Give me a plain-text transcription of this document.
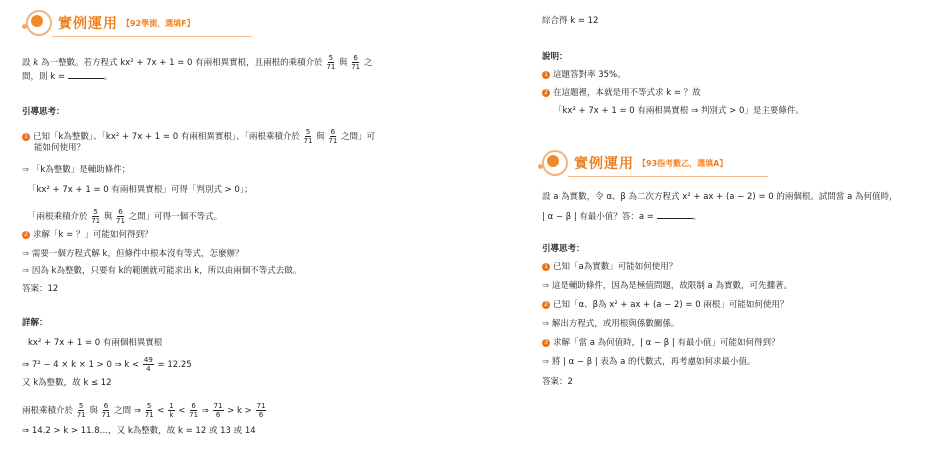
實例運用 【92學測，選填F】
設 k 為一整數。若方程式 kx² + 7x + 1 = 0 有兩相異實根，且兩根的乘積介於 $\frac{5}{71}$ 與 $\frac{6}{71}$ 之
間，則 k =	。
引導思考：
1 已知「k為整數」、「kx² + 7x + 1 = 0 有兩相異實根」、「兩根乘積介於 $\frac{5}{71}$ 與 $\frac{6}{71}$ 之間」可
能如何使用？
⇒ 「k為整數」是輔助條件；
「kx² + 7x + 1 = 0 有兩相異實根」可得「判別式 > 0」；
「兩根乘積介於 $\frac{5}{71}$ 與 $\frac{6}{71}$ 之間」可得一個不等式。
2 求解「k = ？」可能如何得到？
⇒ 需要一個方程式解 k，但條件中根本沒有等式，怎麼辦？
⇒ 因為 k為整數，只要有 k的範圍就可能求出 k，所以由兩個不等式去做。
答案：12
詳解：
kx² + 7x + 1 = 0 有兩個相異實根
⇒ 7² − 4 × k × 1 > 0 ⇒ $k < \frac{49}{4} = 12.25$
又 k為整數，故 k ≤ 12
兩根乘積介於 $\frac{5}{71}$ 與 $\frac{6}{71}$ 之間 ⇒ $\frac{5}{71} < \frac{1}{k} < \frac{6}{71}$ ⇒ $\frac{71}{6} > k > \frac{71}{6}$
⇒ 14.2 > k > 11.8…，又 k為整數，故 k = 12 或 13 或 14
綜合得 k = 12
說明：
1 這題答對率 35%。
2 在這題裡，本就是用不等式求 k = ？故
「kx² + 7x + 1 = 0 有兩相異實根 ⇒ 判別式 > 0」是主要條件。
實例運用 【93指考數乙，選填A】
設 a 為實數，令 α、β 為二次方程式 x² + ax + (a − 2) = 0 的兩個根。試問當 a 為何值時，
| α − β | 有最小值？答：a =	。
引導思考：
1 已知「a為實數」可能如何使用？
⇒ 這是輔助條件，因為是極值問題，故限制 a 為實數，可先擱著。
2 已知「α、β為 x² + ax + (a − 2) = 0 兩根」可能如何使用？
⇒ 解出方程式，或用根與係數關係。
3 求解「當 a 為何值時，| α − β | 有最小值」可能如何得到？
⇒ 將 | α − β | 表為 a 的代數式，再考慮如何求最小值。
答案：2
